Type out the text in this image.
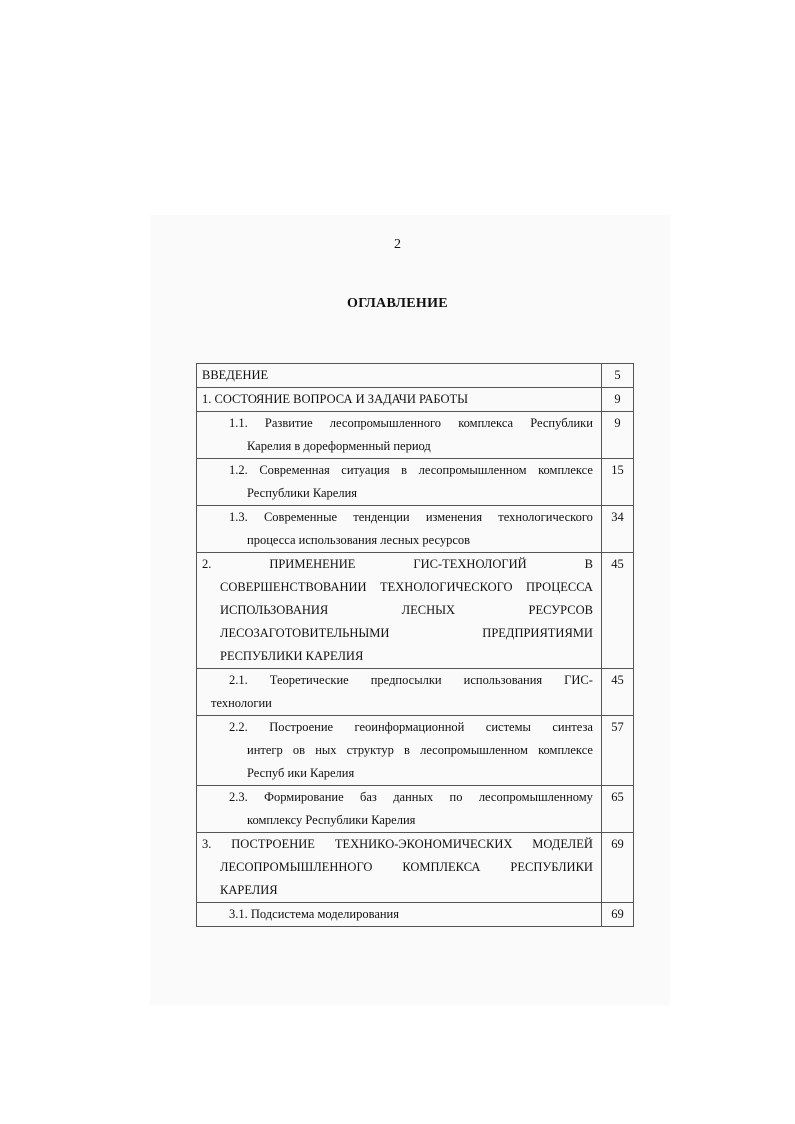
2
ОГЛАВЛЕНИЕ
ВВЕДЕНИЕ	5

1. СОСТОЯНИЕ ВОПРОСА И ЗАДАЧИ РАБОТЫ	9

1.1. Развитие лесопромышленного комплекса Республики
Карелия в дореформенный период	9

1.2. Современная ситуация в лесопромышленном комплексе
Республики Карелия	15

1.3. Современные тенденции изменения технологического
процесса использования лесных ресурсов	34

2. ПРИМЕНЕНИЕ ГИС-ТЕХНОЛОГИЙ В
СОВЕРШЕНСТВОВАНИИ ТЕХНОЛОГИЧЕСКОГО ПРОЦЕССА
ИСПОЛЬЗОВАНИЯ ЛЕСНЫХ РЕСУРСОВ
ЛЕСОЗАГОТОВИТЕЛЬНЫМИ ПРЕДПРИЯТИЯМИ
РЕСПУБЛИКИ КАРЕЛИЯ	45

2.1. Теоретические предпосылки использования ГИС-
технологии	45

2.2. Построение геоинформационной системы синтеза
интегр ов ных структур в лесопромышленном комплексе
Респуб ики Карелия	57

2.3. Формирование баз данных по лесопромышленному
комплексу Республики Карелия	65

3. ПОСТРОЕНИЕ ТЕХНИКО-ЭКОНОМИЧЕСКИХ МОДЕЛЕЙ
ЛЕСОПРОМЫШЛЕННОГО КОМПЛЕКСА РЕСПУБЛИКИ
КАРЕЛИЯ	69

3.1. Подсистема моделирования	69
